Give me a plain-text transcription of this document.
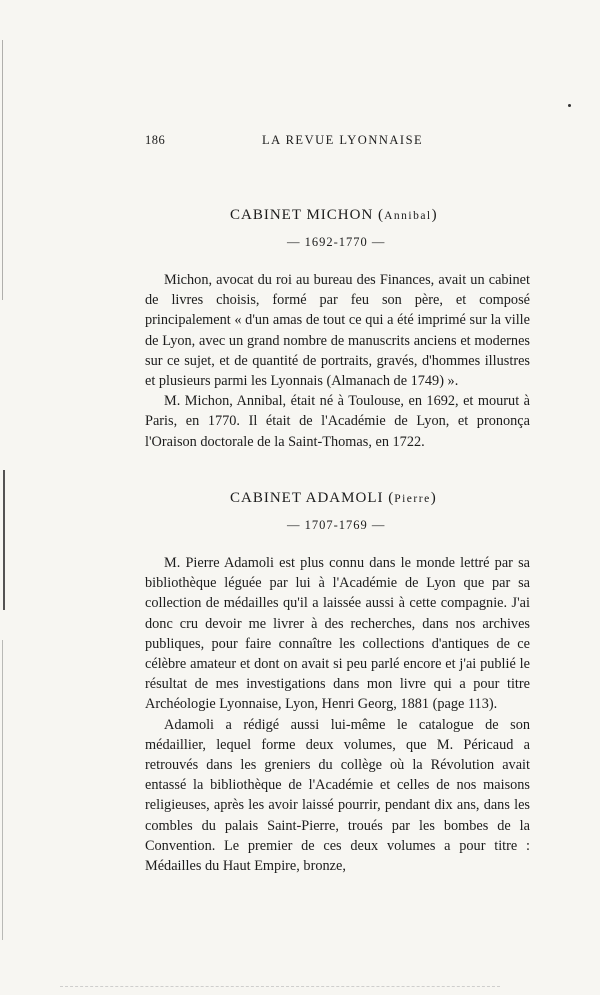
186	LA REVUE LYONNAISE
CABINET MICHON (Annibal)
— 1692-1770 —

Michon, avocat du roi au bureau des Finances, avait un cabinet de livres choisis, formé par feu son père, et composé principalement « d'un amas de tout ce qui a été imprimé sur la ville de Lyon, avec un grand nombre de manuscrits anciens et modernes sur ce sujet, et de quantité de portraits, gravés, d'hommes illustres et plusieurs parmi les Lyonnais (Almanach de 1749) ».

M. Michon, Annibal, était né à Toulouse, en 1692, et mourut à Paris, en 1770. Il était de l'Académie de Lyon, et prononça l'Oraison doctorale de la Saint-Thomas, en 1722.

CABINET ADAMOLI (Pierre)
— 1707-1769 —

M. Pierre Adamoli est plus connu dans le monde lettré par sa bibliothèque léguée par lui à l'Académie de Lyon que par sa collection de médailles qu'il a laissée aussi à cette compagnie. J'ai donc cru devoir me livrer à des recherches, dans nos archives publiques, pour faire connaître les collections d'antiques de ce célèbre amateur et dont on avait si peu parlé encore et j'ai publié le résultat de mes investigations dans mon livre qui a pour titre Archéologie Lyonnaise, Lyon, Henri Georg, 1881 (page 113).

Adamoli a rédigé aussi lui-même le catalogue de son médaillier, lequel forme deux volumes, que M. Péricaud a retrouvés dans les greniers du collège où la Révolution avait entassé la bibliothèque de l'Académie et celles de nos maisons religieuses, après les avoir laissé pourrir, pendant dix ans, dans les combles du palais Saint-Pierre, troués par les bombes de la Convention. Le premier de ces deux volumes a pour titre : Médailles du Haut Empire, bronze,
